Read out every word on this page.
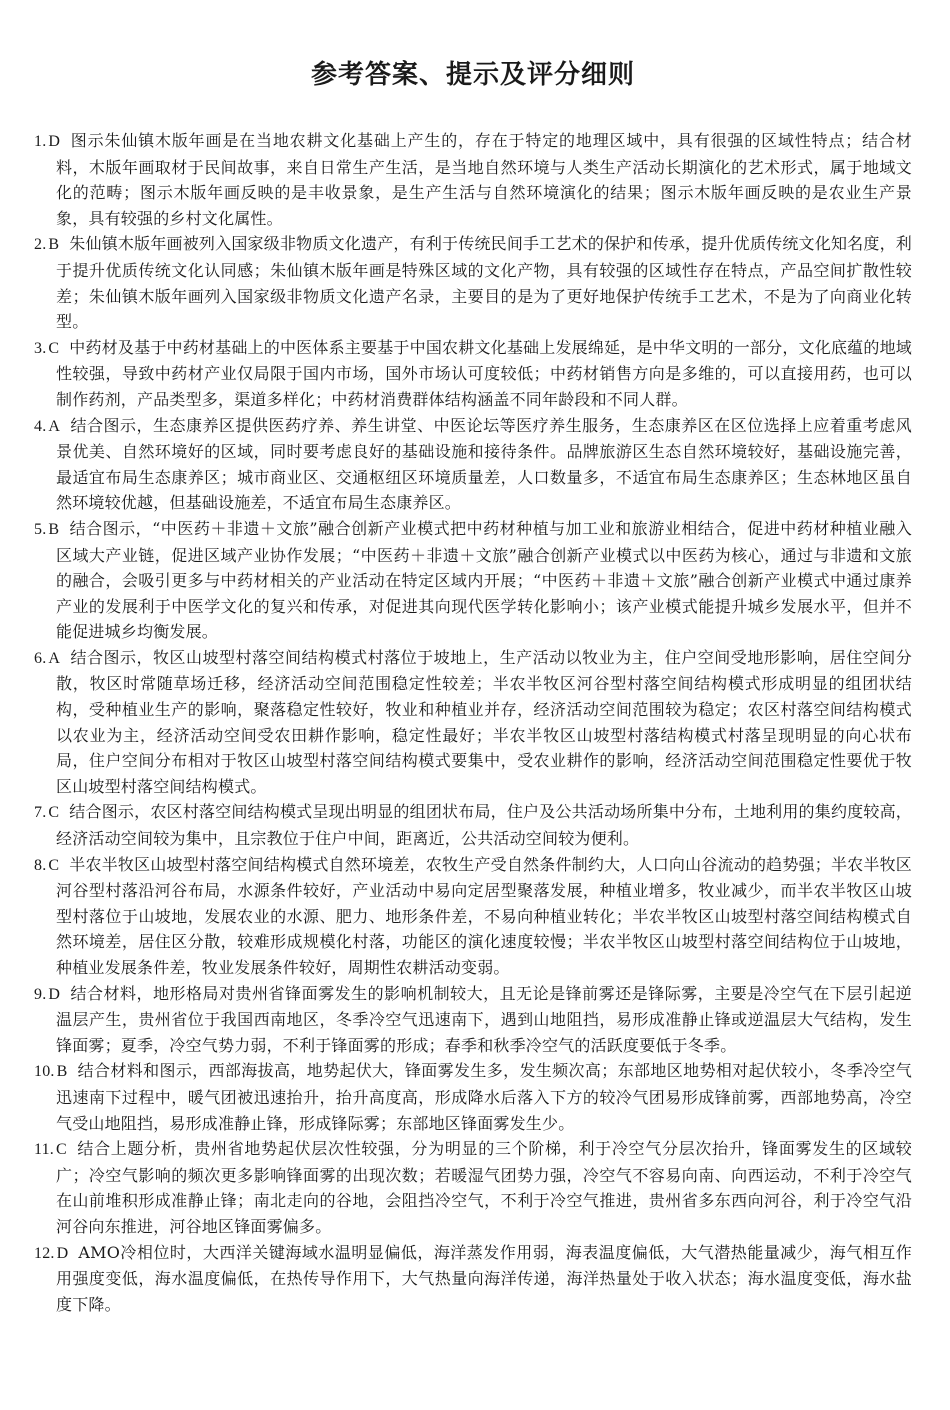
参考答案、提示及评分细则

1. D 图示朱仙镇木版年画是在当地农耕文化基础上产生的，存在于特定的地理区域中，具有很强的区域性特点；结合材料，木版年画取材于民间故事，来自日常生产生活，是当地自然环境与人类生产活动长期演化的艺术形式，属于地域文化的范畴；图示木版年画反映的是丰收景象，是生产生活与自然环境演化的结果；图示木版年画反映的是农业生产景象，具有较强的乡村文化属性。

2. B 朱仙镇木版年画被列入国家级非物质文化遗产，有利于传统民间手工艺术的保护和传承，提升优质传统文化知名度，利于提升优质传统文化认同感；朱仙镇木版年画是特殊区域的文化产物，具有较强的区域性存在特点，产品空间扩散性较差；朱仙镇木版年画列入国家级非物质文化遗产名录，主要目的是为了更好地保护传统手工艺术，不是为了向商业化转型。

3. C 中药材及基于中药材基础上的中医体系主要基于中国农耕文化基础上发展绵延，是中华文明的一部分，文化底蕴的地域性较强，导致中药材产业仅局限于国内市场，国外市场认可度较低；中药材销售方向是多维的，可以直接用药，也可以制作药剂，产品类型多，渠道多样化；中药材消费群体结构涵盖不同年龄段和不同人群。

4. A 结合图示，生态康养区提供医药疗养、养生讲堂、中医论坛等医疗养生服务，生态康养区在区位选择上应着重考虑风景优美、自然环境好的区域，同时要考虑良好的基础设施和接待条件。品牌旅游区生态自然环境较好，基础设施完善，最适宜布局生态康养区；城市商业区、交通枢纽区环境质量差，人口数量多，不适宜布局生态康养区；生态林地区虽自然环境较优越，但基础设施差，不适宜布局生态康养区。

5. B 结合图示，“中医药＋非遗＋文旅”融合创新产业模式把中药材种植与加工业和旅游业相结合，促进中药材种植业融入区域大产业链，促进区域产业协作发展；“中医药＋非遗＋文旅”融合创新产业模式以中医药为核心，通过与非遗和文旅的融合，会吸引更多与中药材相关的产业活动在特定区域内开展；“中医药＋非遗＋文旅”融合创新产业模式中通过康养产业的发展利于中医学文化的复兴和传承，对促进其向现代医学转化影响小；该产业模式能提升城乡发展水平，但并不能促进城乡均衡发展。

6. A 结合图示，牧区山坡型村落空间结构模式村落位于坡地上，生产活动以牧业为主，住户空间受地形影响，居住空间分散，牧区时常随草场迁移，经济活动空间范围稳定性较差；半农半牧区河谷型村落空间结构模式形成明显的组团状结构，受种植业生产的影响，聚落稳定性较好，牧业和种植业并存，经济活动空间范围较为稳定；农区村落空间结构模式以农业为主，经济活动空间受农田耕作影响，稳定性最好；半农半牧区山坡型村落结构模式村落呈现明显的向心状布局，住户空间分布相对于牧区山坡型村落空间结构模式要集中，受农业耕作的影响，经济活动空间范围稳定性要优于牧区山坡型村落空间结构模式。

7. C 结合图示，农区村落空间结构模式呈现出明显的组团状布局，住户及公共活动场所集中分布，土地利用的集约度较高，经济活动空间较为集中，且宗教位于住户中间，距离近，公共活动空间较为便利。

8. C 半农半牧区山坡型村落空间结构模式自然环境差，农牧生产受自然条件制约大，人口向山谷流动的趋势强；半农半牧区河谷型村落沿河谷布局，水源条件较好，产业活动中易向定居型聚落发展，种植业增多，牧业减少，而半农半牧区山坡型村落位于山坡地，发展农业的水源、肥力、地形条件差，不易向种植业转化；半农半牧区山坡型村落空间结构模式自然环境差，居住区分散，较难形成规模化村落，功能区的演化速度较慢；半农半牧区山坡型村落空间结构位于山坡地，种植业发展条件差，牧业发展条件较好，周期性农耕活动变弱。

9. D 结合材料，地形格局对贵州省锋面雾发生的影响机制较大，且无论是锋前雾还是锋际雾，主要是冷空气在下层引起逆温层产生，贵州省位于我国西南地区，冬季冷空气迅速南下，遇到山地阻挡，易形成准静止锋或逆温层大气结构，发生锋面雾；夏季，冷空气势力弱，不利于锋面雾的形成；春季和秋季冷空气的活跃度要低于冬季。

10. B 结合材料和图示，西部海拔高，地势起伏大，锋面雾发生多，发生频次高；东部地区地势相对起伏较小，冬季冷空气迅速南下过程中，暖气团被迅速抬升，抬升高度高，形成降水后落入下方的较冷气团易形成锋前雾，西部地势高，冷空气受山地阻挡，易形成准静止锋，形成锋际雾；东部地区锋面雾发生少。

11. C 结合上题分析，贵州省地势起伏层次性较强，分为明显的三个阶梯，利于冷空气分层次抬升，锋面雾发生的区域较广；冷空气影响的频次更多影响锋面雾的出现次数；若暖湿气团势力强，冷空气不容易向南、向西运动，不利于冷空气在山前堆积形成准静止锋；南北走向的谷地，会阻挡冷空气，不利于冷空气推进，贵州省多东西向河谷，利于冷空气沿河谷向东推进，河谷地区锋面雾偏多。

12. D AMO冷相位时，大西洋关键海域水温明显偏低，海洋蒸发作用弱，海表温度偏低，大气潜热能量减少，海气相互作用强度变低，海水温度偏低，在热传导作用下，大气热量向海洋传递，海洋热量处于收入状态；海水温度变低，海水盐度下降。
